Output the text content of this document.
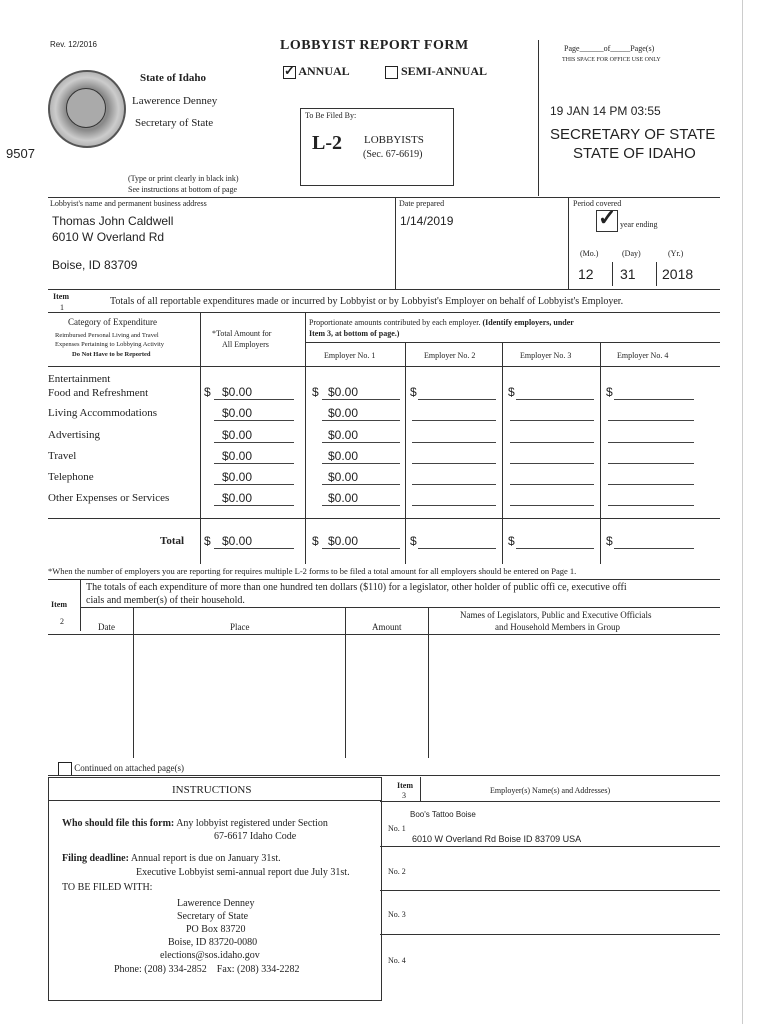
Rev. 12/2016	LOBBYIST REPORT FORM
✓ ANNUAL	SEMI-ANNUAL
State of Idaho
Lawerence Denney
Secretary of State
9507
(Type or print clearly in black ink)
See instructions at bottom of page
Page______of_____Page(s)
THIS SPACE FOR OFFICE USE ONLY
To Be Filed By:
L-2 LOBBYISTS
(Sec. 67-6619)
19 JAN 14 PM 03:55
SECRETARY OF STATE
STATE OF IDAHO
Lobbyist's name and permanent business address
Thomas John Caldwell
6010 W Overland Rd
Boise, ID 83709
Date prepared
1/14/2019
Period covered
✓ year ending
(Mo.)	(Day)	(Yr.)
12 31 2018
Item
1
Totals of all reportable expenditures made or incurred by Lobbyist or by Lobbyist's Employer on behalf of Lobbyist's Employer.
Category of Expenditure
Reimbursed Personal Living and Travel
Expenses Pertaining to Lobbying Activity
Do Not Have to be Reported
*Total Amount for
All Employers
Proportionate amounts contributed by each employer. (Identify employers, under
Item 3, at bottom of page.)
Employer No. 1	Employer No. 2	Employer No. 3	Employer No. 4
Entertainment
Food and Refreshment	$ $0.00	$ $0.00	$	$	$
Living Accommodations	$0.00	$0.00
Advertising	$0.00	$0.00
Travel	$0.00	$0.00
Telephone	$0.00	$0.00
Other Expenses or Services	$0.00	$0.00
Total $ $0.00	$ $0.00	$	$	$
*When the number of employers you are reporting for requires multiple L-2 forms to be filed a total amount for all employers should be entered on Page 1.
Item
2
The totals of each expenditure of more than one hundred ten dollars ($110) for a legislator, other holder of public offi ce, executive offi
cials and member(s) of their household.
Date	Place	Amount
Names of Legislators, Public and Executive Officials
and Household Members in Group
Continued on attached page(s)
INSTRUCTIONS
Who should file this form: Any lobbyist registered under Section
67-6617 Idaho Code
Filing deadline: Annual report is due on January 31st.
Executive Lobbyist semi-annual report due July 31st.
TO BE FILED WITH:
Lawerence Denney
Secretary of State
PO Box 83720
Boise, ID 83720-0080
elections@sos.idaho.gov
Phone: (208) 334-2852    Fax: (208) 334-2282
Item
3
Employer(s) Name(s) and Addresses)
Boo's Tattoo Boise
No. 1
6010 W Overland Rd Boise ID 83709 USA
No. 2
No. 3
No. 4
